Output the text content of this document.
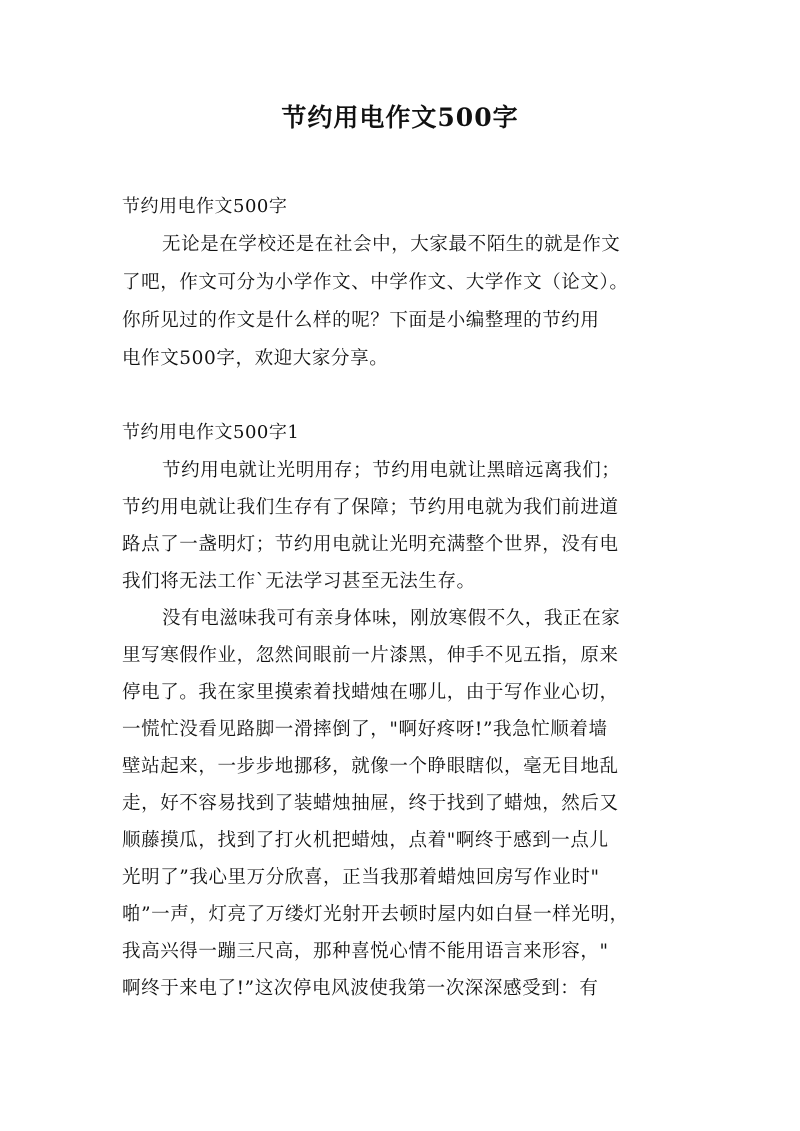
节约用电作文500字
节约用电作文500字
无论是在学校还是在社会中，大家最不陌生的就是作文
了吧，作文可分为小学作文、中学作文、大学作文（论文）。
你所见过的作文是什么样的呢？下面是小编整理的节约用
电作文500字，欢迎大家分享。
节约用电作文500字1
节约用电就让光明用存；节约用电就让黑暗远离我们；
节约用电就让我们生存有了保障；节约用电就为我们前进道
路点了一盏明灯；节约用电就让光明充满整个世界，没有电
我们将无法工作`无法学习甚至无法生存。
没有电滋味我可有亲身体味，刚放寒假不久，我正在家
里写寒假作业，忽然间眼前一片漆黑，伸手不见五指，原来
停电了。我在家里摸索着找蜡烛在哪儿，由于写作业心切，
一慌忙没看见路脚一滑摔倒了，"啊好疼呀!”我急忙顺着墙
壁站起来，一步步地挪移，就像一个睁眼瞎似，毫无目地乱
走，好不容易找到了装蜡烛抽屉，终于找到了蜡烛，然后又
顺藤摸瓜，找到了打火机把蜡烛，点着"啊终于感到一点儿
光明了”我心里万分欣喜，正当我那着蜡烛回房写作业时"
啪”一声，灯亮了万缕灯光射开去顿时屋内如白昼一样光明，
我高兴得一蹦三尺高，那种喜悦心情不能用语言来形容，"
啊终于来电了!”这次停电风波使我第一次深深感受到：有
